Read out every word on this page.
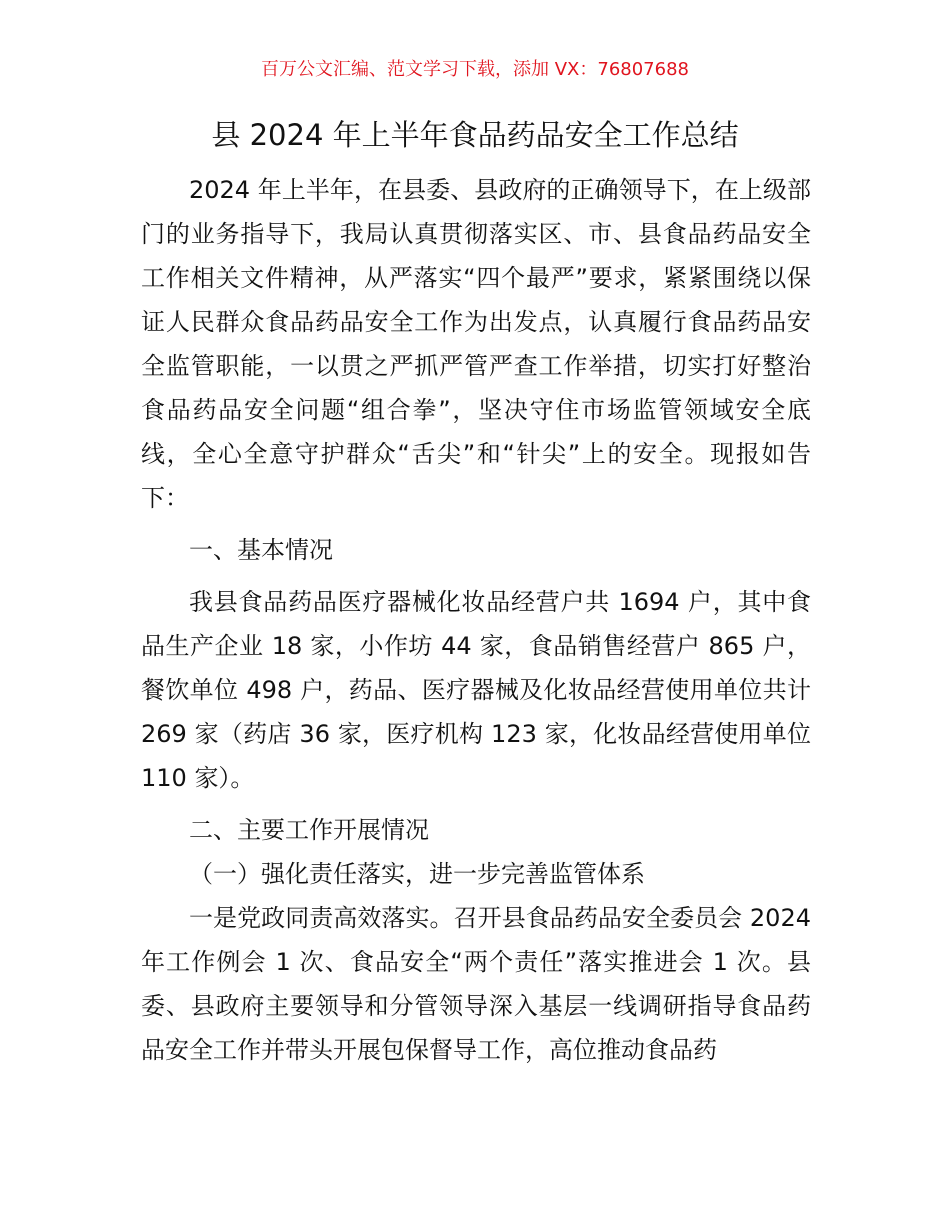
百万公文汇编、范文学习下载，添加 VX：76807688
县 2024 年上半年食品药品安全工作总结

2024 年上半年，在县委、县政府的正确领导下，在上级部门的业务指导下，我局认真贯彻落实区、市、县食品药品安全工作相关文件精神，从严落实“四个最严”要求，紧紧围绕以保证人民群众食品药品安全工作为出发点，认真履行食品药品安全监管职能，一以贯之严抓严管严查工作举措，切实打好整治食品药品安全问题“组合拳”，坚决守住市场监管领域安全底线，全心全意守护群众“舌尖”和“针尖”上的安全。现报如告下：

一、基本情况

我县食品药品医疗器械化妆品经营户共 1694 户，其中食品生产企业 18 家，小作坊 44 家，食品销售经营户 865 户，餐饮单位 498 户，药品、医疗器械及化妆品经营使用单位共计 269 家（药店 36 家，医疗机构 123 家，化妆品经营使用单位 110 家）。

二、主要工作开展情况

（一）强化责任落实，进一步完善监管体系

一是党政同责高效落实。召开县食品药品安全委员会 2024 年工作例会 1 次、食品安全“两个责任”落实推进会 1 次。县委、县政府主要领导和分管领导深入基层一线调研指导食品药品安全工作并带头开展包保督导工作，高位推动食品药
